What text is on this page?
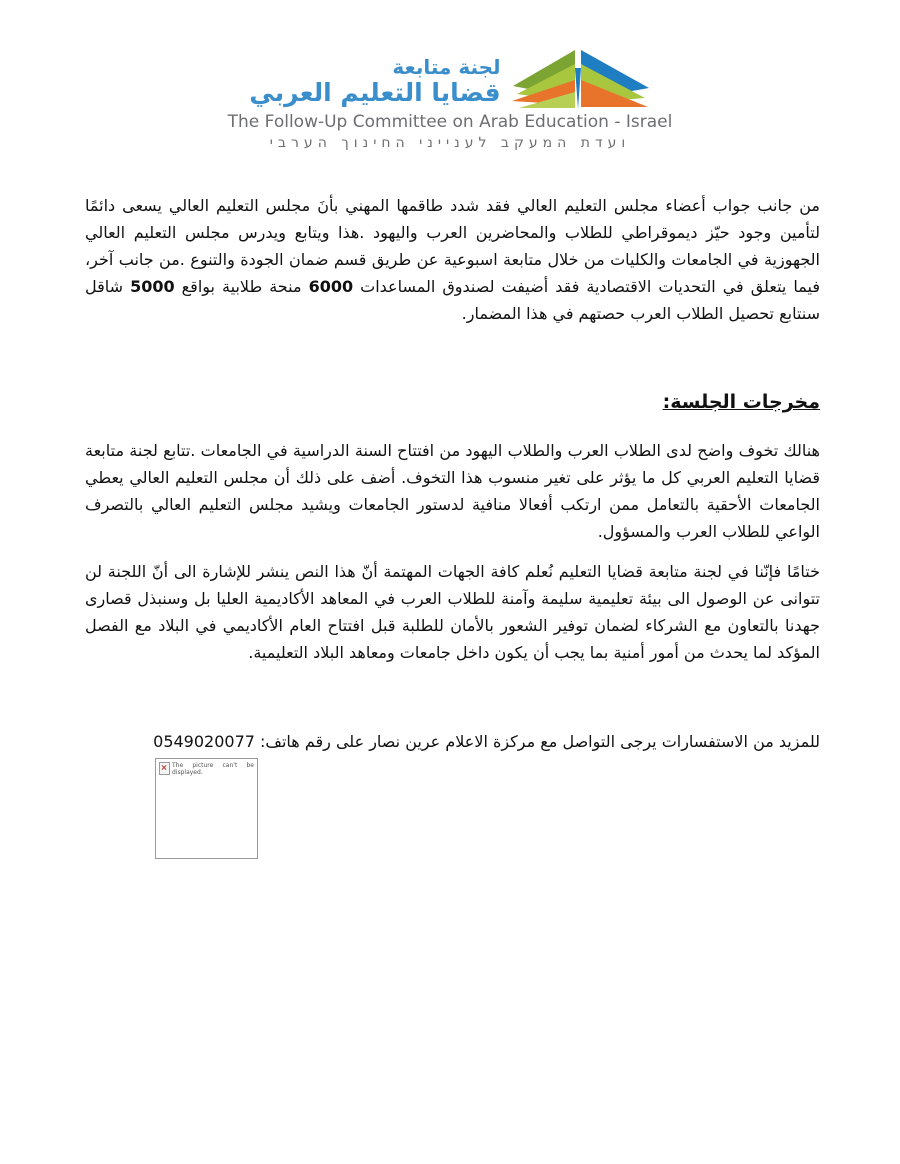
لجنة متابعة
قضايا التعليم العربي
The Follow-Up Committee on Arab Education - Israel
ועדת המעקב לענייני החינוך הערבי

من جانب جواب أعضاء مجلس التعليم العالي فقد شدد طاقمها المهني بأنَ مجلس التعليم العالي يسعى دائمًا لتأمين وجود حيّز ديموقراطي للطلاب والمحاضرين العرب واليهود .هذا ويتابع ويدرس مجلس التعليم العالي الجهوزية في الجامعات والكليات من خلال متابعة اسبوعية عن طريق قسم ضمان الجودة والتنوع .من جانب آخر، فيما يتعلق في التحديات الاقتصادية فقد أضيفت لصندوق المساعدات 6000 منحة طلابية بواقع 5000 شاقل سنتابع تحصيل الطلاب العرب حصتهم في هذا المضمار.

مخرجات الجلسة:

هنالك تخوف واضح لدى الطلاب العرب والطلاب اليهود من افتتاح السنة الدراسية في الجامعات .تتابع لجنة متابعة قضايا التعليم العربي كل ما يؤثر على تغير منسوب هذا التخوف. أضف على ذلك أن مجلس التعليم العالي يعطي الجامعات الأحقية بالتعامل ممن ارتكب أفعالا منافية لدستور الجامعات ويشيد مجلس التعليم العالي بالتصرف الواعي للطلاب العرب والمسؤول.

ختامًا فإنّنا في لجنة متابعة قضايا التعليم نُعلم كافة الجهات المهتمة أنّ هذا النص ينشر للإشارة الى أنّ اللجنة لن تتوانى عن الوصول الى بيئة تعليمية سليمة وآمنة للطلاب العرب في المعاهد الأكاديمية العليا بل وسنبذل قصارى جهدنا بالتعاون مع الشركاء لضمان توفير الشعور بالأمان للطلبة قبل افتتاح العام الأكاديمي في البلاد مع الفصل المؤكد لما يحدث من أمور أمنية بما يجب أن يكون داخل جامعات ومعاهد البلاد التعليمية.

للمزيد من الاستفسارات يرجى التواصل مع مركزة الاعلام عرين نصار على رقم هاتف: 0549020077

The picture can't be displayed.
